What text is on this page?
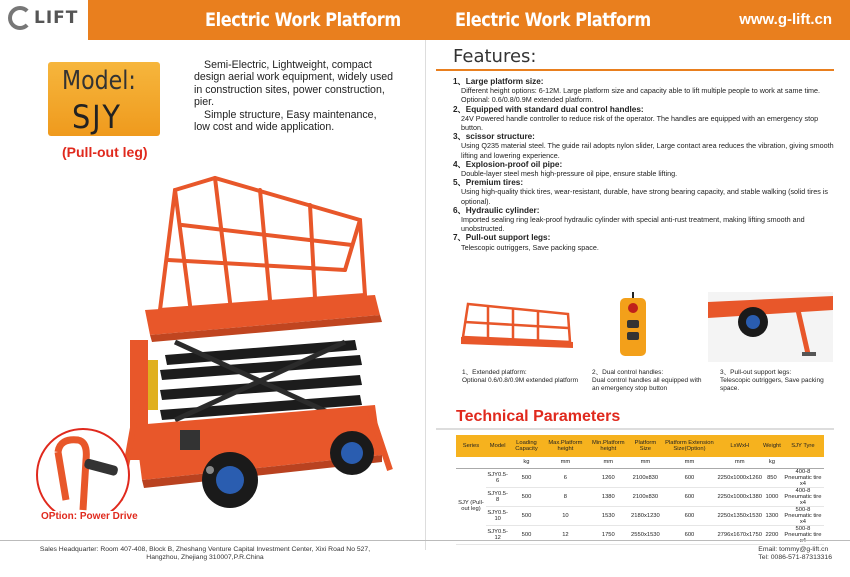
LIFT	Electric Work Platform	Electric Work Platform	www.g-lift.cn
Model:
SJY
(Pull-out leg)

Semi-Electric, Lightweight, compact design aerial work equipment, widely used in construction sites, power construction, pier.

Simple structure, Easy maintenance, low cost and wide application.

OPtion: Power Drive
Features:
1、Large platform size:
Different height options: 6-12M. Large platform size and capacity able to lift multiple people to work at same time. Optional: 0.6/0.8/0.9M extended platform.
2、Equipped with standard dual control handles:
24V Powered handle controller to reduce risk of the operator. The handles are equipped with an emergency stop button.
3、scissor structure:
Using Q235 material steel. The guide rail adopts nylon slider, Large contact area reduces the vibration, giving smooth lifting and lowering experience.
4、Explosion-proof oil pipe:
Double-layer steel mesh high-pressure oil pipe, ensure stable lifting.
5、Premium tires:
Using high-quality thick tires, wear-resistant, durable, have strong bearing capacity, and stable walking (solid tires is optional).
6、Hydraulic cylinder:
Imported sealing ring leak-proof hydraulic cylinder with special anti-rust treatment, making lifting smooth and unobstructed.
7、Pull-out support legs:
Telescopic outriggers, Save packing space.
1、Extended platform:
Optional 0.6/0.8/0.9M extended platform
2、Dual control handles:
Dual control handles all equipped with an emergency stop button
3、Pull-out support legs:
Telescopic outriggers, Save packing space.
Technical Parameters
Series	Model	Loading Capacity	Max.Platform height	Min.Platform height	Platform Size	Platform Extension Size(Option)	LxWxH	Weight	SJY Tyre
		kg	mm	mm	mm	mm	mm	kg	
SJY (Pull-out leg)	SJY0.5-6	500	6	1260	2100x830	600	2250x1000x1260	850	400-8 Pneumatic tire x4
	SJY0.5-8	500	8	1380	2100x830	600	2250x1000x1380	1000	400-8 Pneumatic tire x4
	SJY0.5-10	500	10	1530	2180x1230	600	2250x1350x1530	1300	500-8 Pneumatic tire x4
	SJY0.5-12	500	12	1750	2550x1530	600	2796x1670x1750	2200	500-8 Pneumatic tire
Sales Headquarter: Room 407-408, Block B, Zheshang Venture Capital Investment Center, Xixi Road No 527,
Hangzhou, Zhejiang 310007,P.R.China
Email: tommy@g-lift.cn
Tel: 0086-571-87313316
